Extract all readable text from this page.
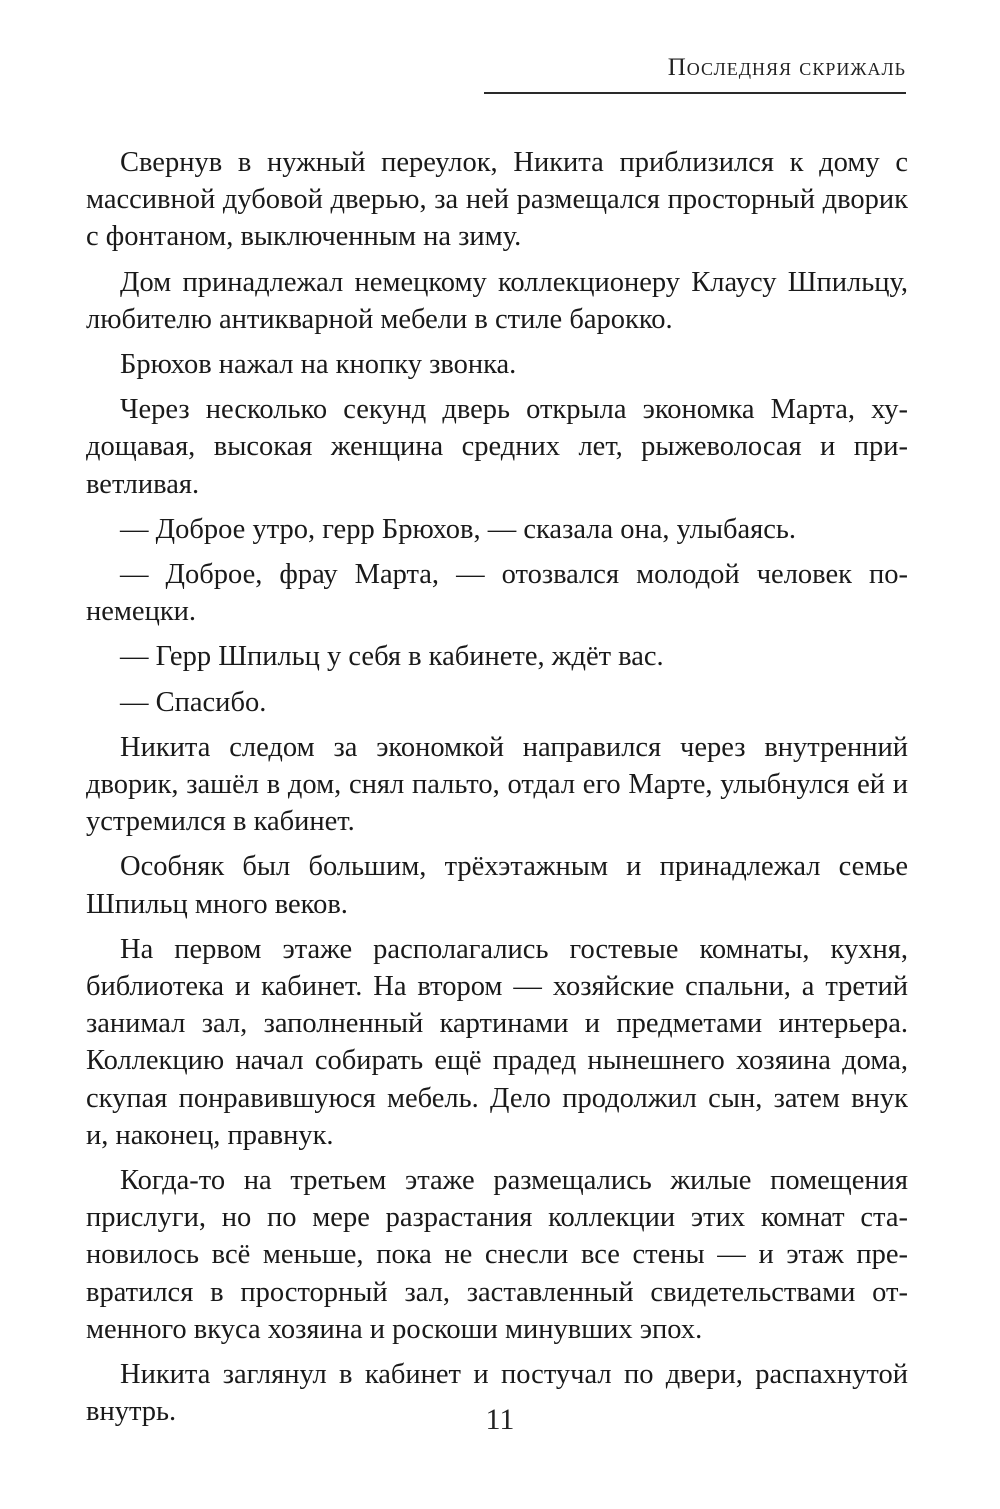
Последняя скрижаль

Свернув в нужный переулок, Никита приблизился к дому с массивной дубовой дверью, за ней размещался просторный дворик с фонтаном, выключенным на зиму.

Дом принадлежал немецкому коллекционеру Клаусу Шпильцу, любителю антикварной мебели в стиле барокко.

Брюхов нажал на кнопку звонка.

Через несколько секунд дверь открыла экономка Марта, худощавая, высокая женщина средних лет, рыжеволосая и приветливая.

— Доброе утро, герр Брюхов, — сказала она, улыбаясь.

— Доброе, фрау Марта, — отозвался молодой человек по-немецки.

— Герр Шпильц у себя в кабинете, ждёт вас.

— Спасибо.

Никита следом за экономкой направился через внутренний дворик, зашёл в дом, снял пальто, отдал его Марте, улыбнулся ей и устремился в кабинет.

Особняк был большим, трёхэтажным и принадлежал семье Шпильц много веков.

На первом этаже располагались гостевые комнаты, кухня, библиотека и кабинет. На втором — хозяйские спальни, а третий занимал зал, заполненный картинами и предметами интерьера. Коллекцию начал собирать ещё прадед нынешнего хозяина дома, скупая понравившуюся мебель. Дело продолжил сын, затем внук и, наконец, правнук.

Когда-то на третьем этаже размещались жилые помещения прислуги, но по мере разрастания коллекции этих комнат становилось всё меньше, пока не снесли все стены — и этаж превратился в просторный зал, заставленный свидетельствами отменного вкуса хозяина и роскоши минувших эпох.

Никита заглянул в кабинет и постучал по двери, распахнутой внутрь.	11
